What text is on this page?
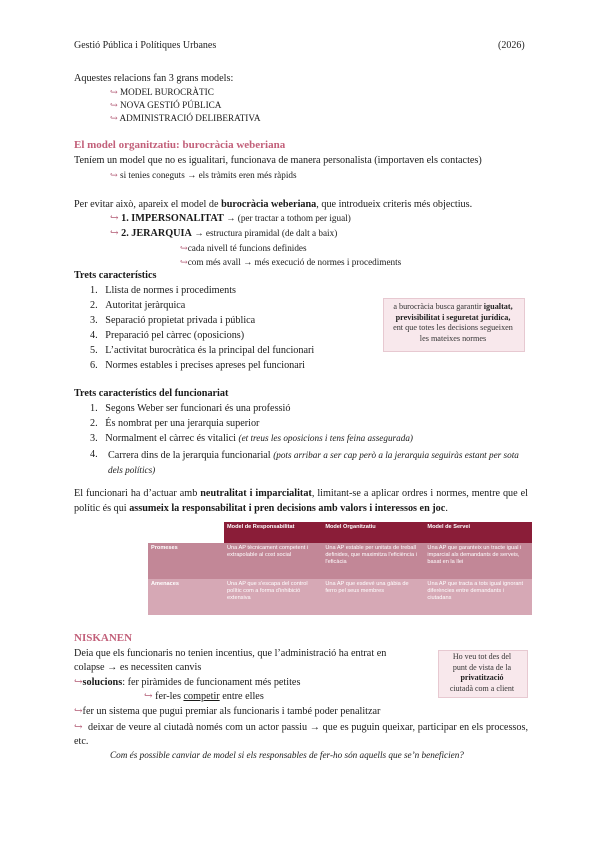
Gestió Pública i Polítiques Urbanes	(2026)
Aquestes relacions fan 3 grans models:
↪ MODEL BUROCRÀTIC
↪ NOVA GESTIÓ PÚBLICA
↪ ADMINISTRACIÓ DELIBERATIVA
El model organitzatiu: burocràcia weberiana
Teníem un model que no es igualitari, funcionava de manera personalista (importaven els contactes)
↪ si tenies coneguts → els tràmits eren més ràpids
Per evitar això, apareix el model de burocràcia weberiana, que introdueix criteris més objectius.
↪ 1. IMPERSONALITAT → (per tractar a tothom per igual)
↪ 2. JERARQUIA → estructura piramidal (de dalt a baix)
↪cada nivell té funcions definides
↪com més avall → més execució de normes i procediments
Trets característics
1.   Llista de normes i procediments
2.   Autoritat jeràrquica
3.   Separació propietat privada i pública
4.   Preparació pel càrrec (oposicions)
5.   L’activitat burocràtica és la principal del funcionari
6.   Normes estables i precises apreses pel funcionari
a burocràcia busca garantir igualtat,
previsibilitat i seguretat jurídica,
ent que totes les decisions segueixen
les mateixes normes
Trets característics del funcionariat
1.   Segons Weber ser funcionari és una professió
2.   És nombrat per una jerarquia superior
3.   Normalment el càrrec és vitalici (et treus les oposicions i tens feina assegurada)
4. Carrera dins de la jerarquia funcionarial (pots arribar a ser cap però a la jerarquia seguiràs estant per sota dels polítics)
El funcionari ha d’actuar amb neutralitat i imparcialitat, limitant-se a aplicar ordres i normes, mentre que el polític és qui assumeix la responsabilitat i pren decisions amb valors i interessos en joc.
	Model de Responsabilitat	Model Organitzatiu	Model de Servei
Promeses	Una AP tècnicament competent i extrapolable al cost social	Una AP estable per unitats de treball definides, que maximitza l'eficiència i l'eficàcia	Una AP que garanteix un tracte igual i imparcial als demandants de serveis, basat en la llei
Amenaces	Una AP que s'escapa del control polític com a forma d'inhibició extensiva	Una AP que esdevé una gàbia de ferro pel seus membres	Una AP que tracta a tots igual ignorant diferències entre demandants i ciutadans
NISKANEN
Deia que els funcionaris no tenien incentius, que l’administració ha entrat en
colapse → es necessiten canvis
↪solucions: fer piràmides de funcionament més petites
↪ fer-les competir entre elles
↪fer un sistema que pugui premiar als funcionaris i també poder penalitzar
↪ deixar de veure al ciutadà només com un actor passiu → que es puguin queixar, participar en els processos, etc.
Com és possible canviar de model si els responsables de fer-ho són aquells que se’n beneficien?
Ho veu tot des del
punt de vista de la
privatització
ciutadà com a client
